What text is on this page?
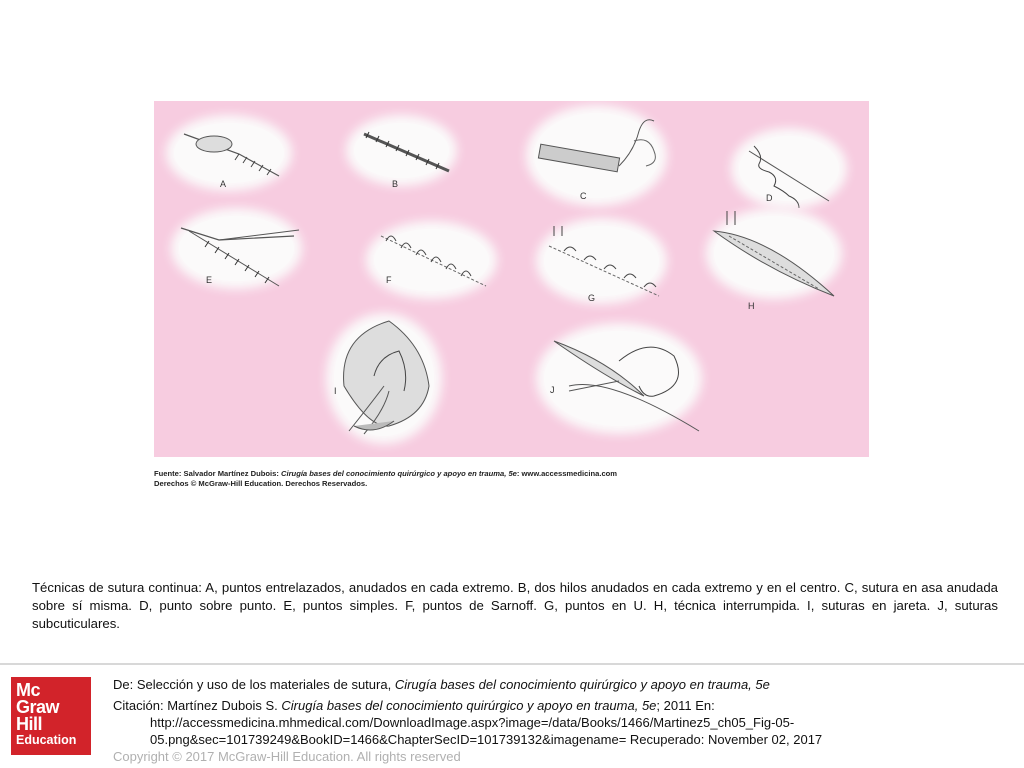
A	B
C	D
E	F
G
H
I	J
Fuente: Salvador Martínez Dubois: Cirugía bases del conocimiento quirúrgico y apoyo en trauma, 5e: www.accessmedicina.com
Derechos © McGraw-Hill Education. Derechos Reservados.
Técnicas de sutura continua: A, puntos entrelazados, anudados en cada extremo. B, dos hilos anudados en cada extremo y en el centro. C, sutura en asa anudada sobre sí misma. D, punto sobre punto. E, puntos simples. F, puntos de Sarnoff. G, puntos en U. H, técnica interrumpida. I, suturas en jareta. J, suturas subcuticulares.
Mc
Graw
Hill
Education

De: Selección y uso de los materiales de sutura, Cirugía bases del conocimiento quirúrgico y apoyo en trauma, 5e

Citación: Martínez Dubois S. Cirugía bases del conocimiento quirúrgico y apoyo en trauma, 5e; 2011 En:

http://accessmedicina.mhmedical.com/DownloadImage.aspx?image=/data/Books/1466/Martinez5_ch05_Fig-05-

05.png&sec=101739249&BookID=1466&ChapterSecID=101739132&imagename= Recuperado: November 02, 2017

Copyright © 2017 McGraw-Hill Education. All rights reserved
